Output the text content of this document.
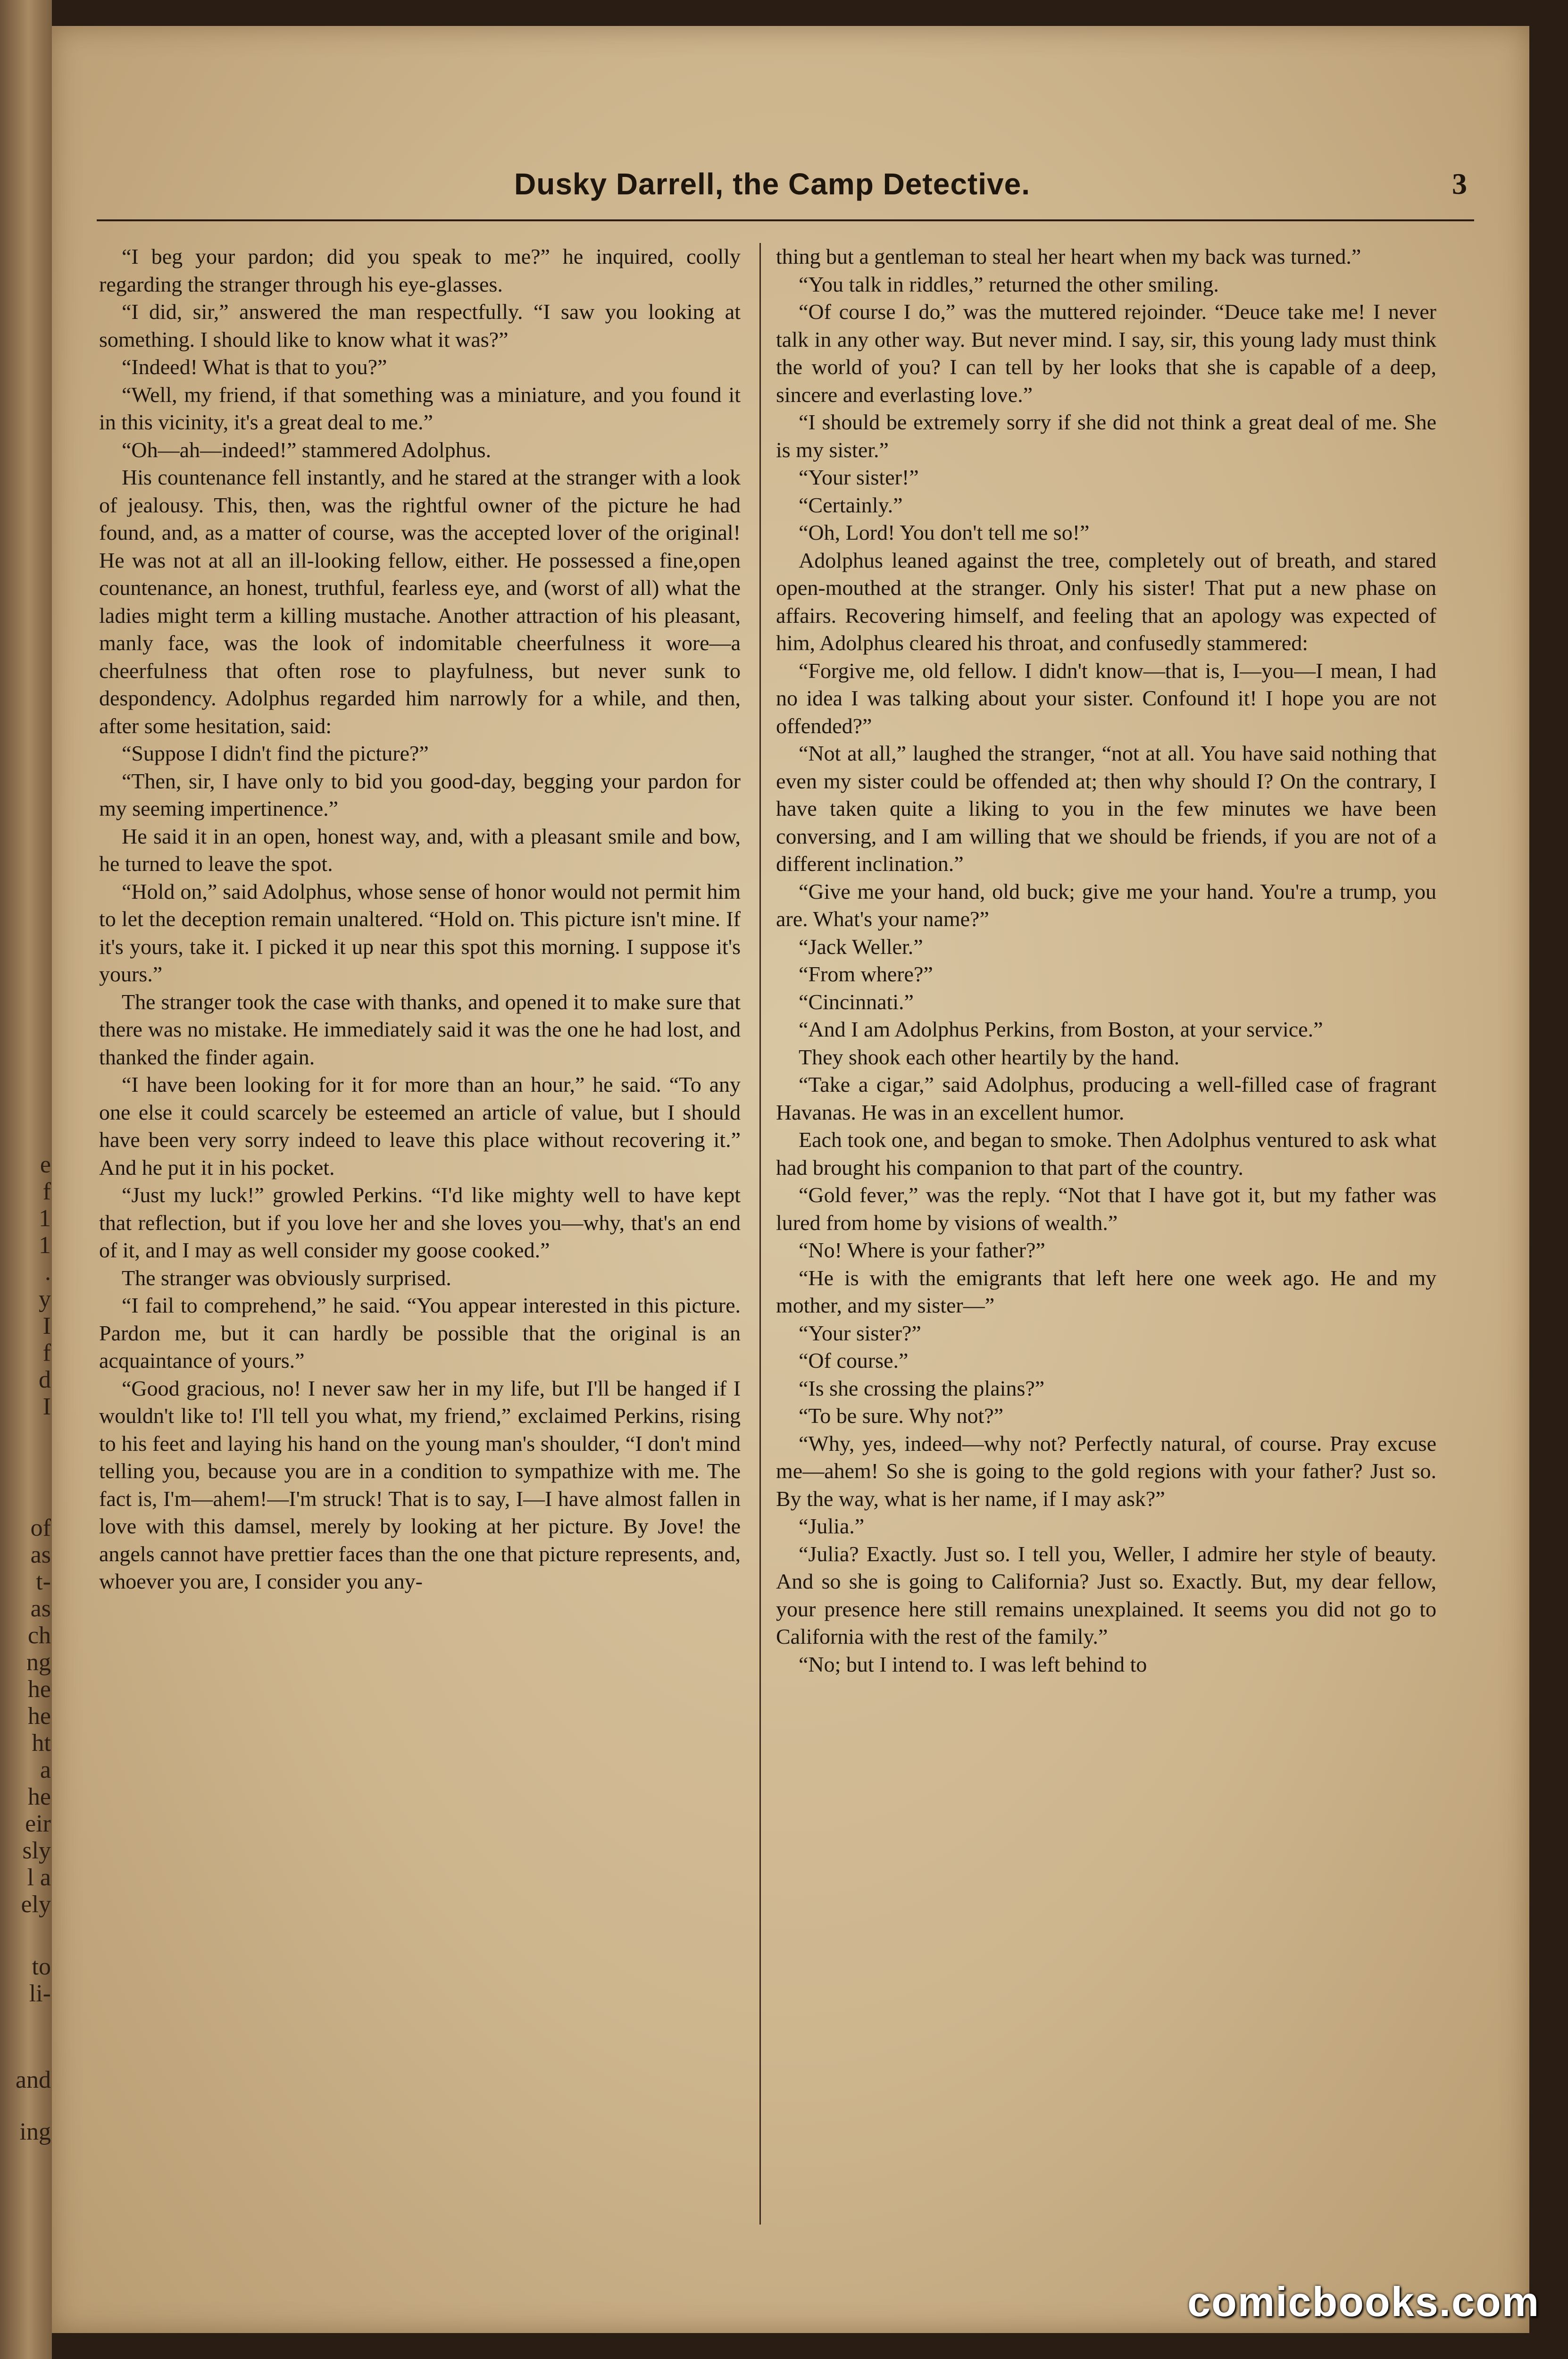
e
f
1
1
.
y
I
f
d
I
of
as
t-
as
ch
ng
he
he
ht
a
he
eir
sly
l a
ely
to
li-
and
ing
Dusky Darrell, the Camp Detective.	3

“I beg your pardon; did you speak to me?” he inquired, coolly regarding the stranger through his eye-glasses.

“I did, sir,” answered the man respectfully. “I saw you looking at something. I should like to know what it was?”

“Indeed! What is that to you?”

“Well, my friend, if that something was a miniature, and you found it in this vicinity, it's a great deal to me.”

“Oh—ah—indeed!” stammered Adolphus.

His countenance fell instantly, and he stared at the stranger with a look of jealousy. This, then, was the rightful owner of the picture he had found, and, as a matter of course, was the accepted lover of the original! He was not at all an ill-looking fellow, either. He possessed a fine,open countenance, an honest, truthful, fearless eye, and (worst of all) what the ladies might term a killing mustache. Another attraction of his pleasant, manly face, was the look of indomitable cheerfulness it wore—a cheerfulness that often rose to playfulness, but never sunk to despondency. Adolphus regarded him narrowly for a while, and then, after some hesitation, said:

“Suppose I didn't find the picture?”

“Then, sir, I have only to bid you good-day, begging your pardon for my seeming impertinence.”

He said it in an open, honest way, and, with a pleasant smile and bow, he turned to leave the spot.

“Hold on,” said Adolphus, whose sense of honor would not permit him to let the deception remain unaltered. “Hold on. This picture isn't mine. If it's yours, take it. I picked it up near this spot this morning. I suppose it's yours.”

The stranger took the case with thanks, and opened it to make sure that there was no mistake. He immediately said it was the one he had lost, and thanked the finder again.

“I have been looking for it for more than an hour,” he said. “To any one else it could scarcely be esteemed an article of value, but I should have been very sorry indeed to leave this place without recovering it.” And he put it in his pocket.

“Just my luck!” growled Perkins. “I'd like mighty well to have kept that reflection, but if you love her and she loves you—why, that's an end of it, and I may as well consider my goose cooked.”

The stranger was obviously surprised.

“I fail to comprehend,” he said. “You appear interested in this picture. Pardon me, but it can hardly be possible that the original is an acquaintance of yours.”

“Good gracious, no! I never saw her in my life, but I'll be hanged if I wouldn't like to! I'll tell you what, my friend,” exclaimed Perkins, rising to his feet and laying his hand on the young man's shoulder, “I don't mind telling you, because you are in a condition to sympathize with me. The fact is, I'm—ahem!—I'm struck! That is to say, I—I have almost fallen in love with this damsel, merely by looking at her picture. By Jove! the angels cannot have prettier faces than the one that picture represents, and, whoever you are, I consider you any-

thing but a gentleman to steal her heart when my back was turned.”

“You talk in riddles,” returned the other smiling.

“Of course I do,” was the muttered rejoinder. “Deuce take me! I never talk in any other way. But never mind. I say, sir, this young lady must think the world of you? I can tell by her looks that she is capable of a deep, sincere and everlasting love.”

“I should be extremely sorry if she did not think a great deal of me. She is my sister.”

“Your sister!”

“Certainly.”

“Oh, Lord! You don't tell me so!”

Adolphus leaned against the tree, completely out of breath, and stared open-mouthed at the stranger. Only his sister! That put a new phase on affairs. Recovering himself, and feeling that an apology was expected of him, Adolphus cleared his throat, and confusedly stammered:

“Forgive me, old fellow. I didn't know—that is, I—you—I mean, I had no idea I was talking about your sister. Confound it! I hope you are not offended?”

“Not at all,” laughed the stranger, “not at all. You have said nothing that even my sister could be offended at; then why should I? On the contrary, I have taken quite a liking to you in the few minutes we have been conversing, and I am willing that we should be friends, if you are not of a different inclination.”

“Give me your hand, old buck; give me your hand. You're a trump, you are. What's your name?”

“Jack Weller.”

“From where?”

“Cincinnati.”

“And I am Adolphus Perkins, from Boston, at your service.”

They shook each other heartily by the hand.

“Take a cigar,” said Adolphus, producing a well-filled case of fragrant Havanas. He was in an excellent humor.

Each took one, and began to smoke. Then Adolphus ventured to ask what had brought his companion to that part of the country.

“Gold fever,” was the reply. “Not that I have got it, but my father was lured from home by visions of wealth.”

“No! Where is your father?”

“He is with the emigrants that left here one week ago. He and my mother, and my sister—”

“Your sister?”

“Of course.”

“Is she crossing the plains?”

“To be sure. Why not?”

“Why, yes, indeed—why not? Perfectly natural, of course. Pray excuse me—ahem! So she is going to the gold regions with your father? Just so. By the way, what is her name, if I may ask?”

“Julia.”

“Julia? Exactly. Just so. I tell you, Weller, I admire her style of beauty. And so she is going to California? Just so. Exactly. But, my dear fellow, your presence here still remains unexplained. It seems you did not go to California with the rest of the family.”

“No; but I intend to. I was left behind to

comicbooks.com
